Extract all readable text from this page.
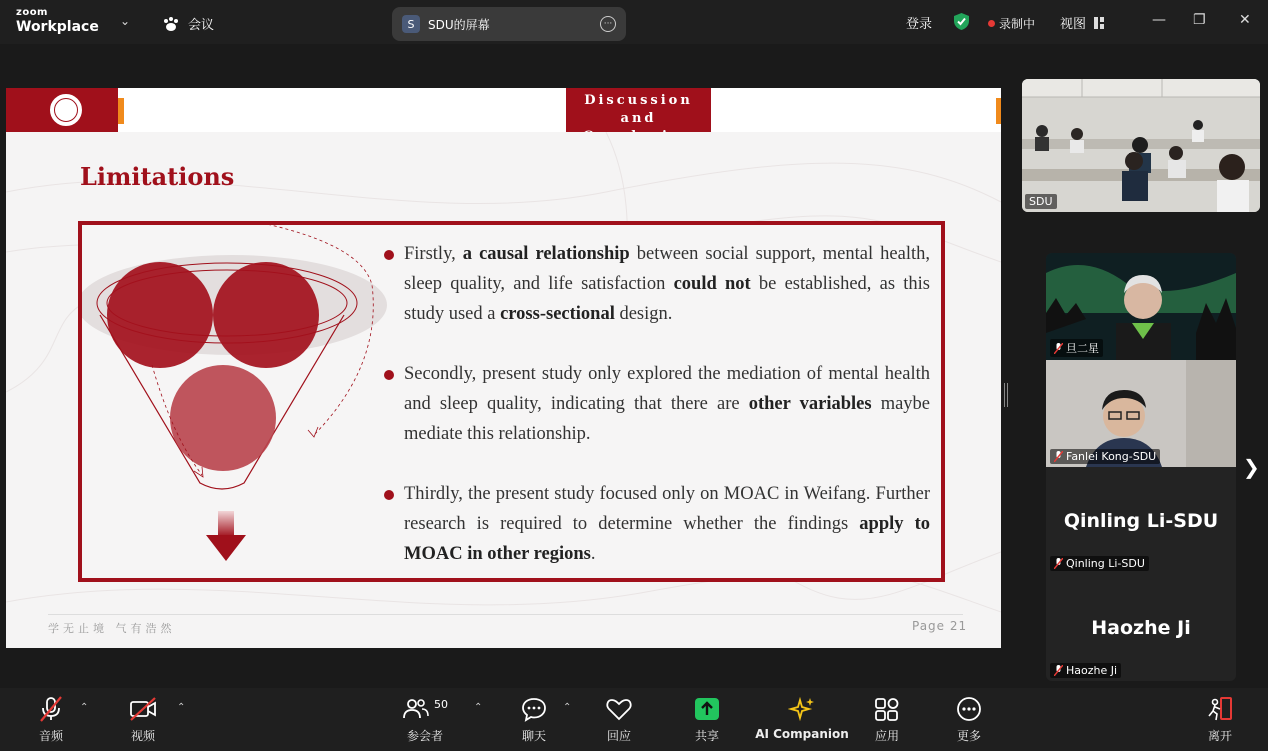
zoom
Workplace ⌄	会议	S	SDU的屏幕	···	登录	录制中 视图	— ❐ ✕
Discussion and
Limitations
Firstly, a causal relationship between social support, mental health, sleep quality, and life satisfaction could not be established, as this study used a cross-sectional design.
Secondly, present study only explored the mediation of mental health and sleep quality, indicating that there are other variables maybe mediate this relationship.
Thirdly, the present study focused only on MOAC in Weifang. Further research is required to determine whether the findings apply to MOAC in other regions.
学无止境 气有浩然	Page 21
SDU
旦二星
Fanlei Kong-SDU
Qinling Li-SDU
Qinling Li-SDU
Haozhe Ji
Haozhe Ji
❯
音频
⌃
视频
⌃	50
参会者
⌃
聊天
⌃
回应	共享	AI Companion 应用	更多	离开
